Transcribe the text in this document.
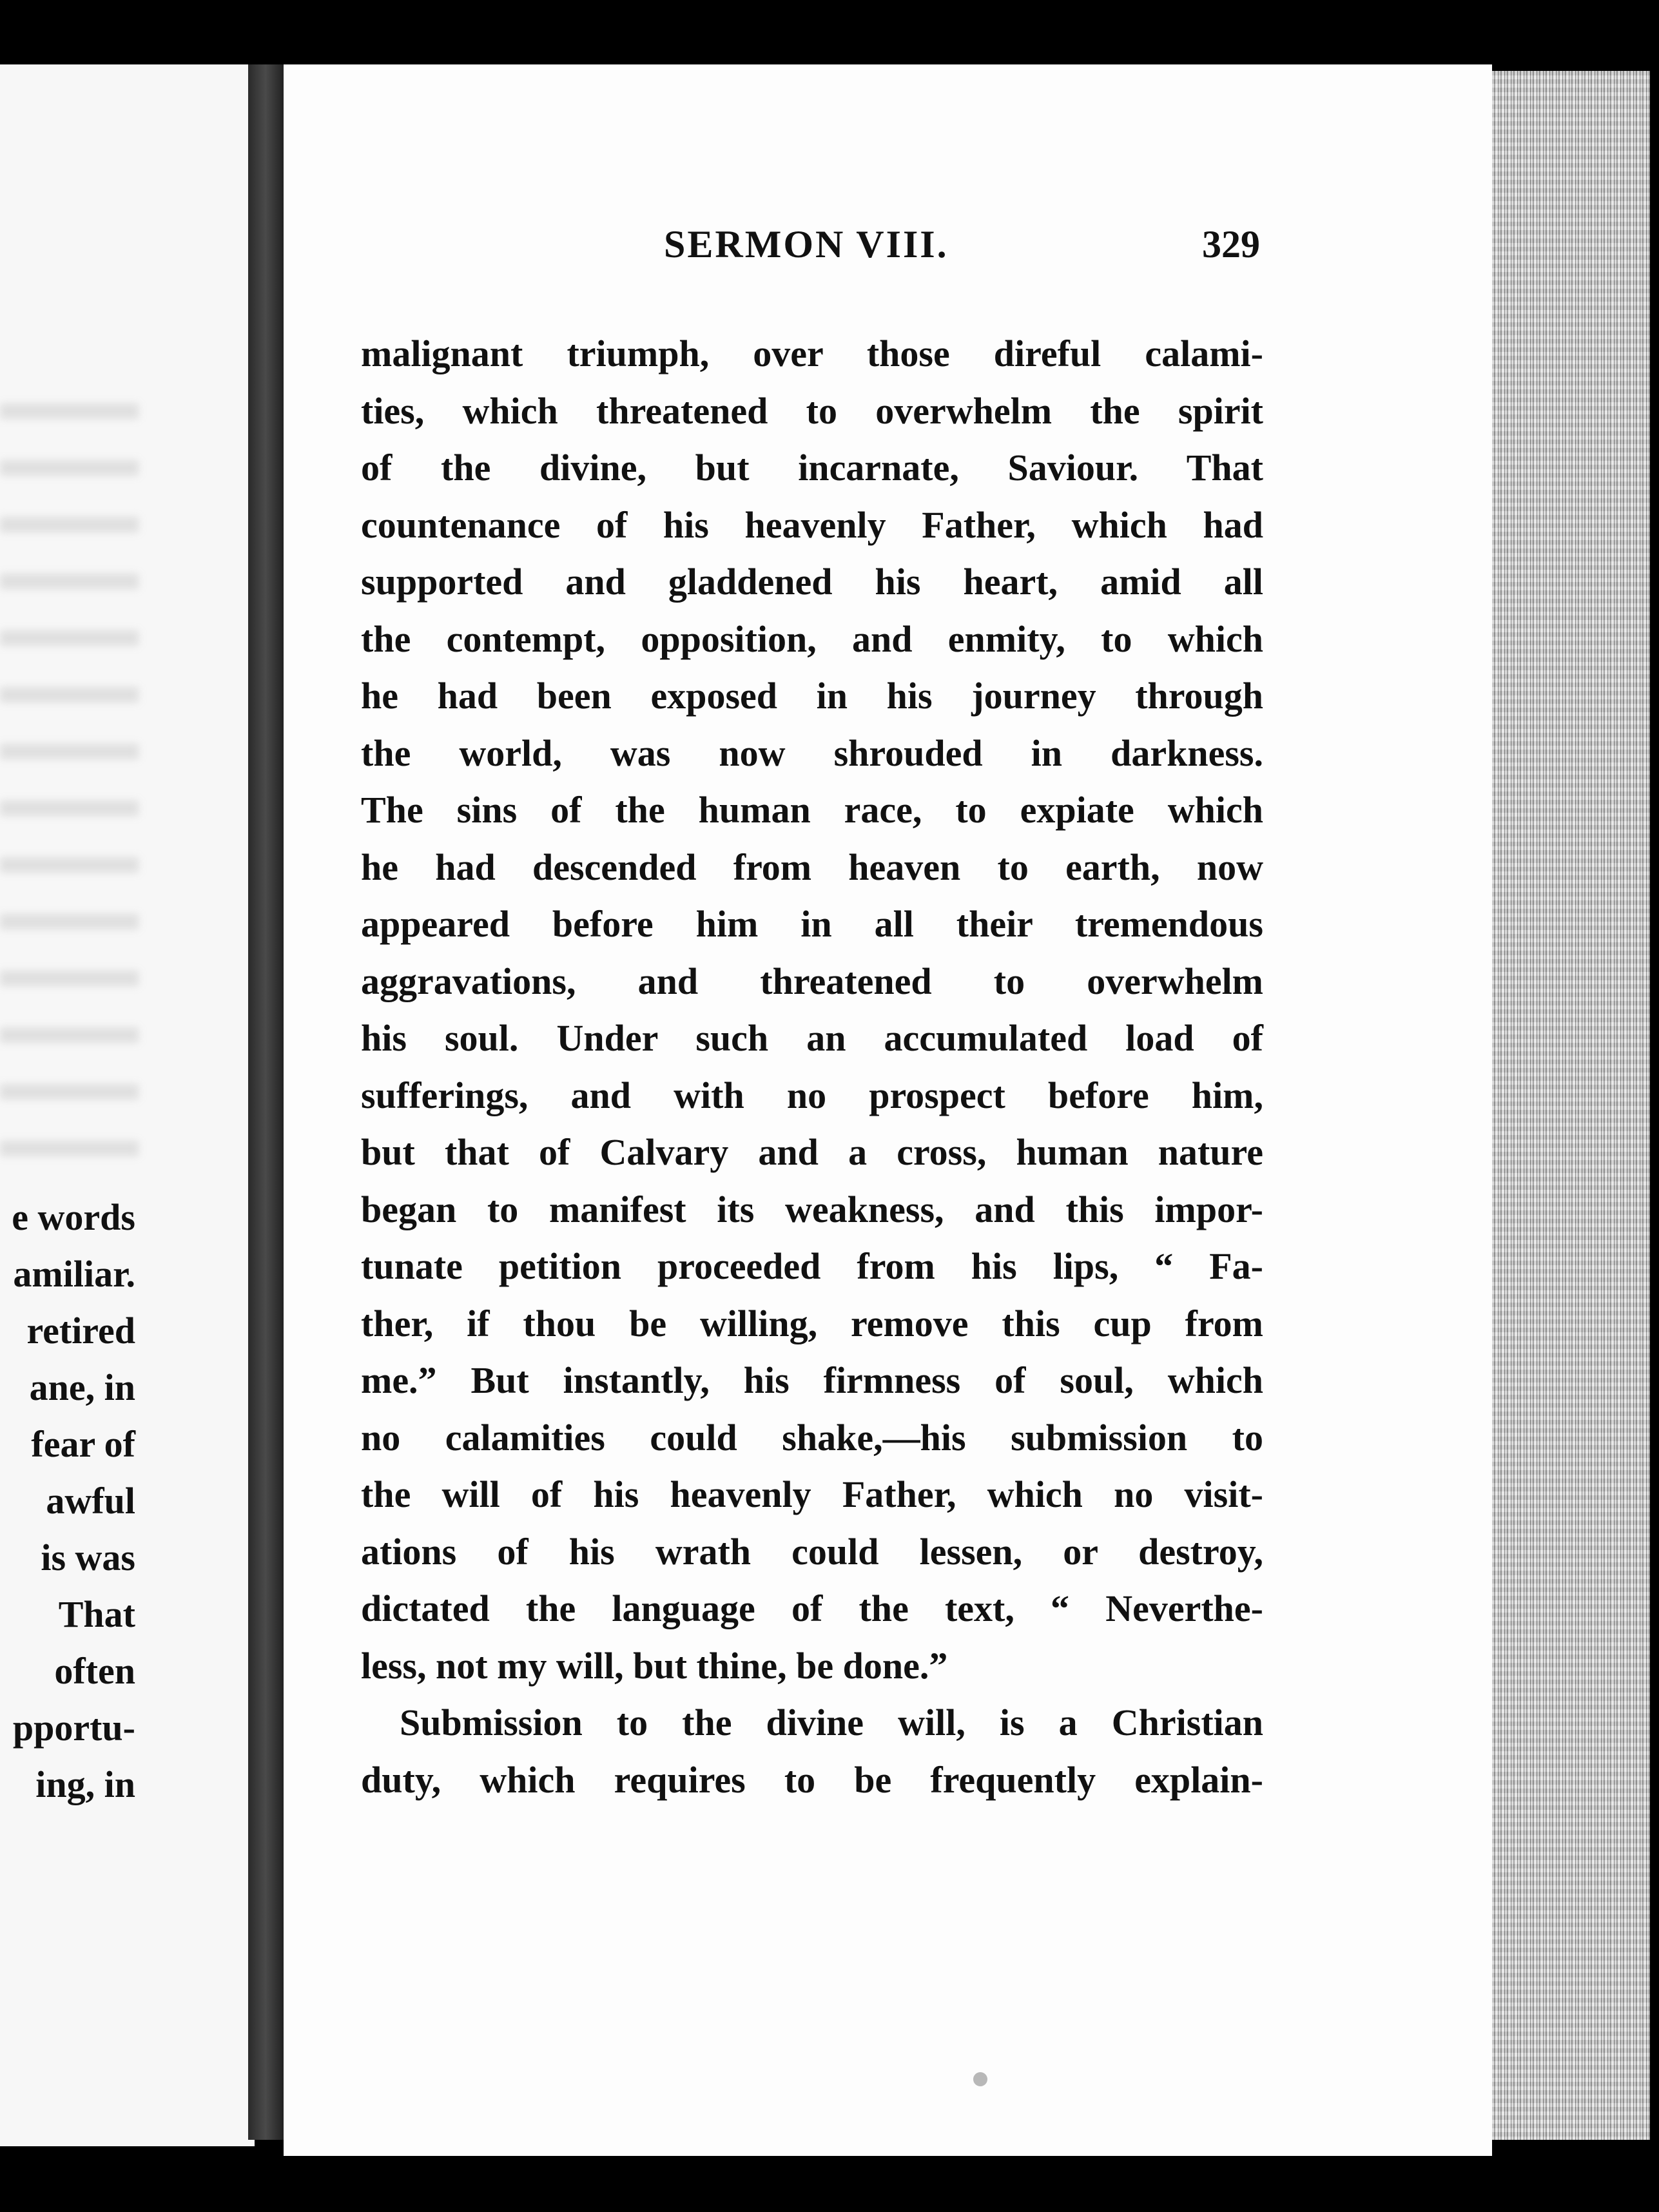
e words
amiliar.
retired
ane, in
fear of
awful
is was
That
often
pportu-
ing, in
SERMON VIII.	329
malignant triumph, over those direful calami-
ties, which threatened to overwhelm the spirit
of the divine, but incarnate, Saviour. That
countenance of his heavenly Father, which had
supported and gladdened his heart, amid all
the contempt, opposition, and enmity, to which
he had been exposed in his journey through
the world, was now shrouded in darkness.
The sins of the human race, to expiate which
he had descended from heaven to earth, now
appeared before him in all their tremendous
aggravations, and threatened to overwhelm
his soul. Under such an accumulated load of
sufferings, and with no prospect before him,
but that of Calvary and a cross, human nature
began to manifest its weakness, and this impor-
tunate petition proceeded from his lips, “ Fa-
ther, if thou be willing, remove this cup from
me.” But instantly, his firmness of soul, which
no calamities could shake,—his submission to
the will of his heavenly Father, which no visit-
ations of his wrath could lessen, or destroy,
dictated the language of the text, “ Neverthe-
less, not my will, but thine, be done.”
Submission to the divine will, is a Christian
duty, which requires to be frequently explain-
